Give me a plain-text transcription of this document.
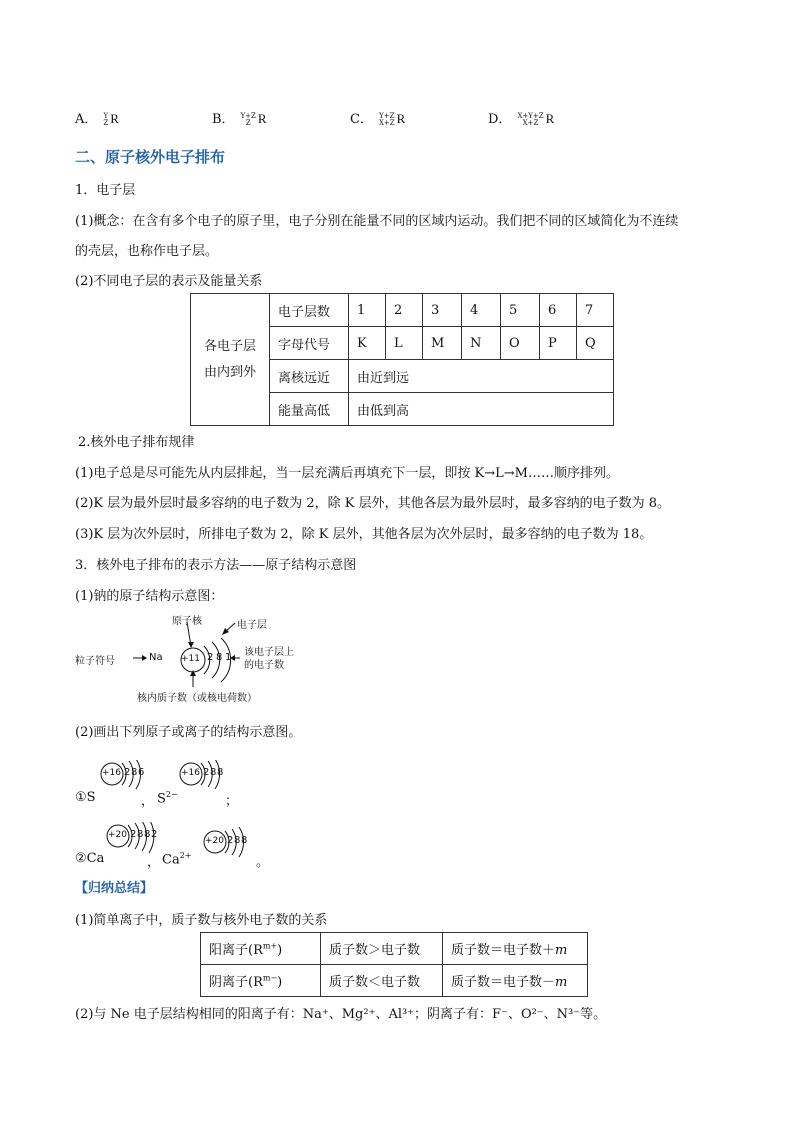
A． Y
Z R	B． Y+Z
Z R	C． Y+Z
X+Z R	D． X+Y+Z
X+Z R
二、原子核外电子排布
1．电子层
(1)概念：在含有多个电子的原子里，电子分别在能量不同的区域内运动。我们把不同的区域简化为不连续
的壳层，也称作电子层。
(2)不同电子层的表示及能量关系
各电子层
由内到外	电子层数	1	2	3	4	5	6	7
	字母代号	K	L	M	N	O	P	Q
	离核远近	由近到远						
	能量高低	由低到高						
2.核外电子排布规律
(1)电子总是尽可能先从内层排起，当一层充满后再填充下一层，即按 K→L→M……顺序排列。
(2)K 层为最外层时最多容纳的电子数为 2，除 K 层外，其他各层为最外层时，最多容纳的电子数为 8。
(3)K 层为次外层时，所排电子数为 2，除 K 层外，其他各层为次外层时，最多容纳的电子数为 18。
3．核外电子排布的表示方法——原子结构示意图
(1)钠的原子结构示意图：
原子核	电子层
粒子符号	Na +11 2 8 1 该电子层上
的电子数
核内质子数（或核电荷数）
(2)画出下列原子或离子的结构示意图。
+16 2 8 6	+16 2 8 8
①S	， $S^{2-}$	；
+20 2 8 8 2
+20 2 8 8
②Ca	， $Ca^{2+}$	。
【归纳总结】
(1)简单离子中，质子数与核外电子数的关系
阳离子$(R^{m+})$	质子数＞电子数	质子数＝电子数＋m
阴离子$(R^{m-})$	质子数＜电子数	质子数＝电子数－m
(2)与 Ne 电子层结构相同的阳离子有：Na⁺、Mg²⁺、Al³⁺；阴离子有：F⁻、O²⁻、N³⁻等。
